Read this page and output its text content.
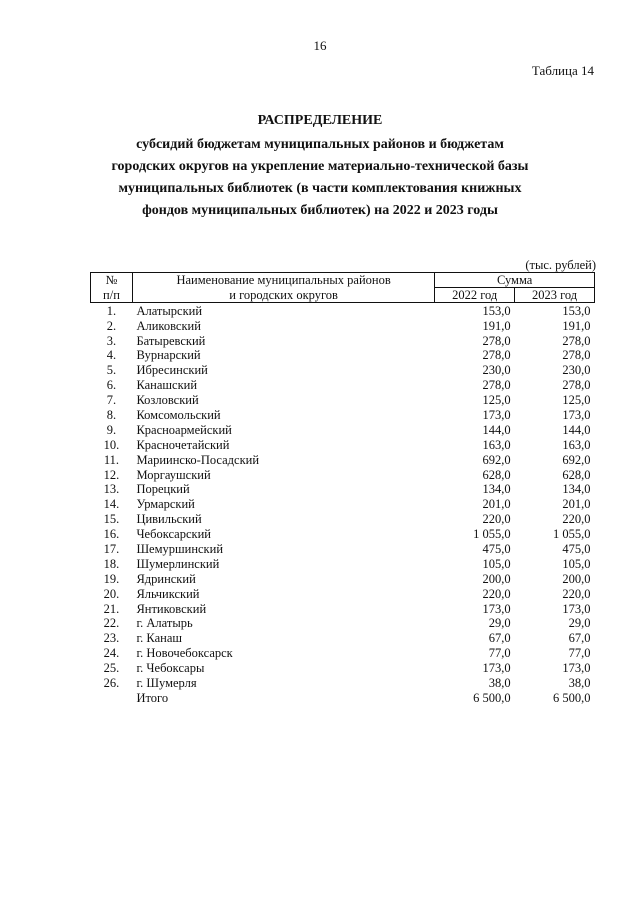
16
Таблица 14
РАСПРЕДЕЛЕНИЕ
субсидий бюджетам муниципальных районов и бюджетам
городских округов на укрепление материально-технической базы
муниципальных библиотек (в части комплектования книжных
фондов муниципальных библиотек) на 2022 и 2023 годы
(тыс. рублей)
№	Наименование муниципальных районов	Сумма	
п/п	и городских округов	2022 год	2023 год
1.	Алатырский	153,0	153,0
2.	Аликовский	191,0	191,0
3.	Батыревский	278,0	278,0
4.	Вурнарский	278,0	278,0
5.	Ибресинский	230,0	230,0
6.	Канашский	278,0	278,0
7.	Козловский	125,0	125,0
8.	Комсомольский	173,0	173,0
9.	Красноармейский	144,0	144,0
10.	Красночетайский	163,0	163,0
11.	Мариинско-Посадский	692,0	692,0
12.	Моргаушский	628,0	628,0
13.	Порецкий	134,0	134,0
14.	Урмарский	201,0	201,0
15.	Цивильский	220,0	220,0
16.	Чебоксарский	1 055,0	1 055,0
17.	Шемуршинский	475,0	475,0
18.	Шумерлинский	105,0	105,0
19.	Ядринский	200,0	200,0
20.	Яльчикский	220,0	220,0
21.	Янтиковский	173,0	173,0
22.	г. Алатырь	29,0	29,0
23.	г. Канаш	67,0	67,0
24.	г. Новочебоксарск	77,0	77,0
25.	г. Чебоксары	173,0	173,0
26.	г. Шумерля	38,0	38,0
	Итого	6 500,0	6 500,0
